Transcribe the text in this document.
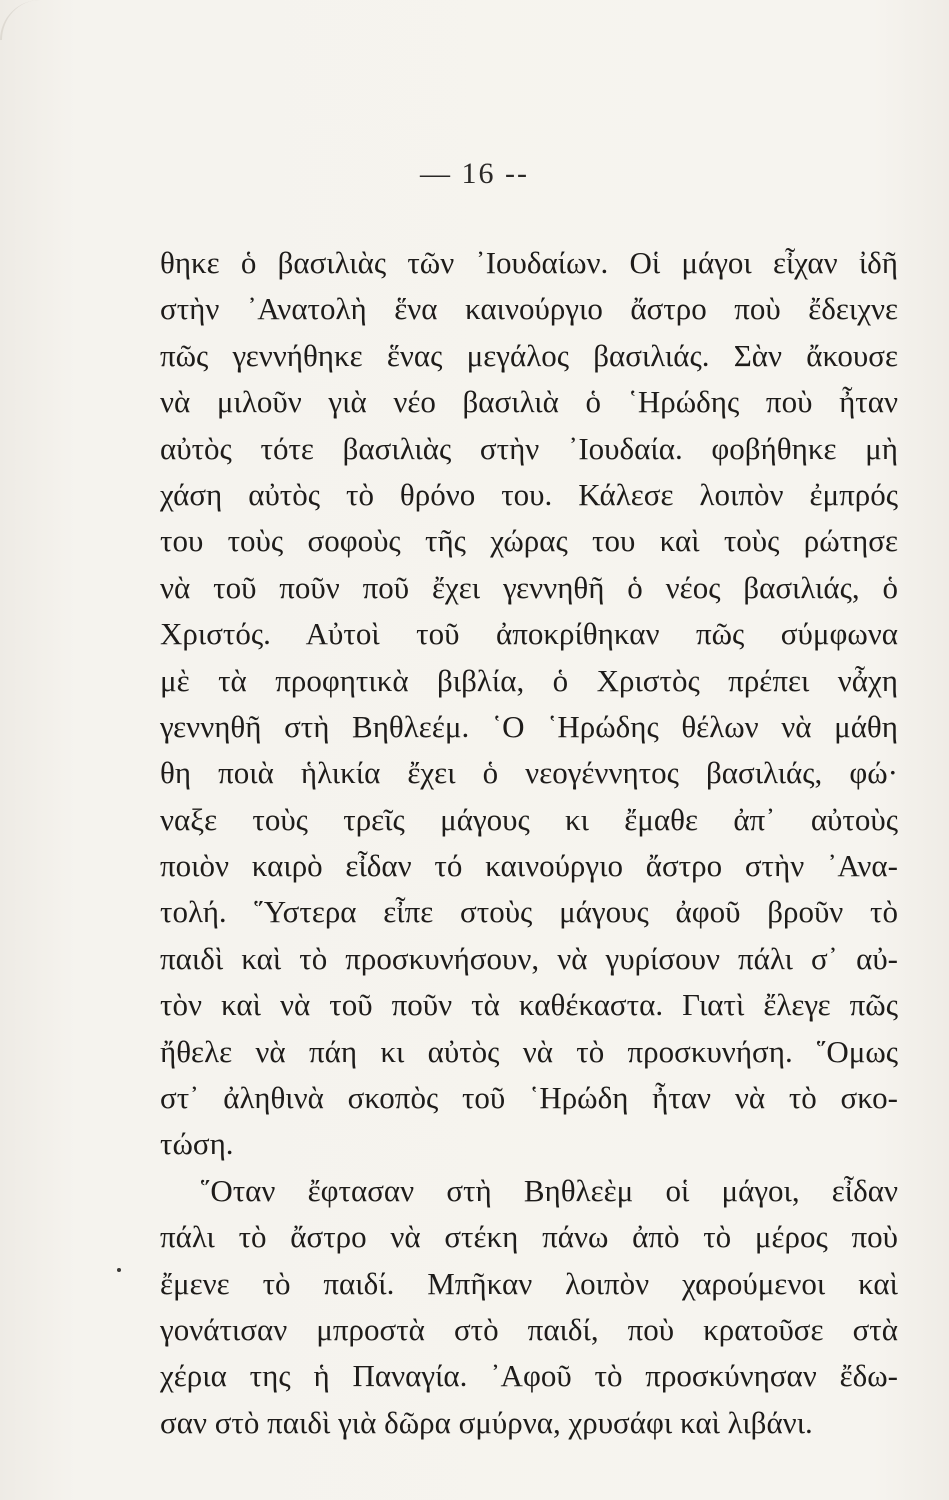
— 16 --
θηκε ὁ βασιλιὰς τῶν ᾿Ιουδαίων. Οἱ μάγοι εἶχαν ἰδῆ
στὴν ᾿Ανατολὴ ἕνα καινούργιο ἄστρο ποὺ ἔδειχνε
πῶς γεννήθηκε ἕνας μεγάλος βασιλιάς. Σὰν ἄκουσε
νὰ μιλοῦν γιὰ νέο βασιλιὰ ὁ ῾Ηρώδης ποὺ ἦταν
αὐτὸς τότε βασιλιὰς στὴν ᾿Ιουδαία. φοβήθηκε μὴ
χάση αὐτὸς τὸ θρόνο του. Κάλεσε λοιπὸν ἐμπρός
του τοὺς σοφοὺς τῆς χώρας του καὶ τοὺς ρώτησε
νὰ τοῦ ποῦν ποῦ ἔχει γεννηθῆ ὁ νέος βασιλιάς, ὁ
Χριστός. Αὐτοὶ τοῦ ἀποκρίθηκαν πῶς σύμφωνα
μὲ τὰ προφητικὰ βιβλία, ὁ Χριστὸς πρέπει νἆχη
γεννηθῆ στὴ Βηθλεέμ. ῾Ο ῾Ηρώδης θέλων νὰ μάθη
θη ποιὰ ἡλικία ἔχει ὁ νεογέννητος βασιλιάς, φώ·
ναξε τοὺς τρεῖς μάγους κι ἔμαθε ἀπ᾿ αὐτοὺς
ποιὸν καιρὸ εἶδαν τό καινούργιο ἄστρο στὴν ᾿Ανα-
τολή. ῞Υστερα εἶπε στοὺς μάγους ἀφοῦ βροῦν τὸ
παιδὶ καὶ τὸ προσκυνήσουν, νὰ γυρίσουν πάλι σ᾿ αὐ-
τὸν καὶ νὰ τοῦ ποῦν τὰ καθέκαστα. Γιατὶ ἔλεγε πῶς
ἤθελε νὰ πάη κι αὐτὸς νὰ τὸ προσκυνήση. ῞Ομως
στ᾿ ἀληθινὰ σκοπὸς τοῦ ῾Ηρώδη ἦταν νὰ τὸ σκο-
τώση.
῞Οταν ἔφτασαν στὴ Βηθλεὲμ οἱ μάγοι, εἶδαν
πάλι τὸ ἄστρο νὰ στέκη πάνω ἀπὸ τὸ μέρος ποὺ
ἔμενε τὸ παιδί. Μπῆκαν λοιπὸν χαρούμενοι καὶ
γονάτισαν μπροστὰ στὸ παιδί, ποὺ κρατοῦσε στὰ
χέρια της ἡ Παναγία. ᾿Αφοῦ τὸ προσκύνησαν ἔδω-
σαν στὸ παιδὶ γιὰ δῶρα σμύρνα, χρυσάφι καὶ λιβάνι.
